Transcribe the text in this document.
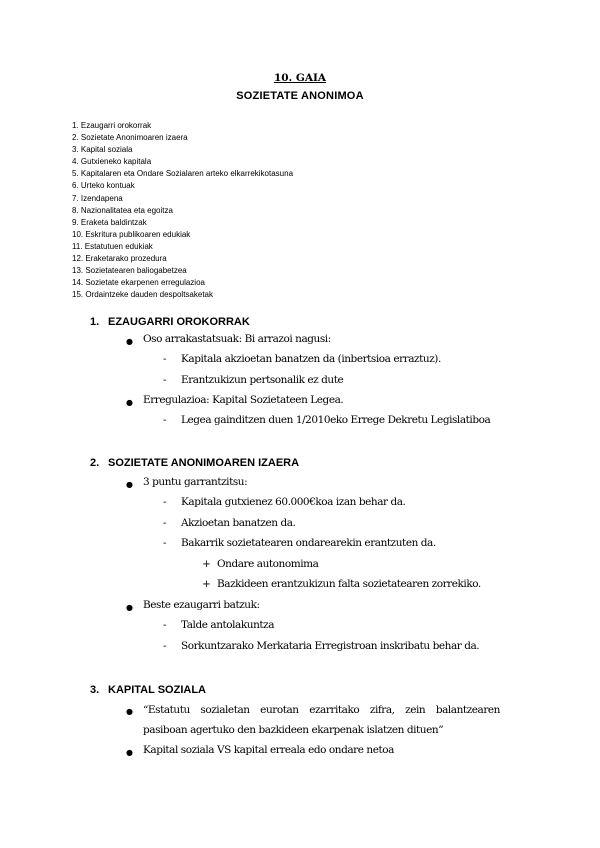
10. GAIA
SOZIETATE ANONIMOA
1. Ezaugarri orokorrak
2. Sozietate Anonimoaren izaera
3. Kapital soziala
4. Gutxieneko kapitala
5. Kapitalaren eta Ondare Sozialaren arteko elkarrekikotasuna
6. Urteko kontuak
7. Izendapena
8. Nazionalitatea eta egoitza
9. Eraketa baldintzak
10. Eskritura publikoaren edukiak
11. Estatutuen edukiak
12. Eraketarako prozedura
13. Sozietatearen baliogabetzea
14. Sozietate ekarpenen erregulazioa
15. Ordaintzeke dauden despoltsaketak
1. EZAUGARRI OROKORRAK
● Oso arrakastatsuak: Bi arrazoi nagusi:
- Kapitala akzioetan banatzen da (inbertsioa erraztuz).
- Erantzukizun pertsonalik ez dute
● Erregulazioa: Kapital Sozietateen Legea.
- Legea gainditzen duen 1/2010eko Errege Dekretu Legislatiboa
2. SOZIETATE ANONIMOAREN IZAERA
● 3 puntu garrantzitsu:
- Kapitala gutxienez 60.000€koa izan behar da.
- Akzioetan banatzen da.
- Bakarrik sozietatearen ondarearekin erantzuten da.
+ Ondare autonomima
+ Bazkideen erantzukizun falta sozietatearen zorrekiko.
● Beste ezaugarri batzuk:
- Talde antolakuntza
- Sorkuntzarako Merkataria Erregistroan inskribatu behar da.
3. KAPITAL SOZIALA
● “Estatutu sozialetan eurotan ezarritako zifra, zein balantzearen pasiboan agertuko den bazkideen ekarpenak islatzen dituen”
● Kapital soziala VS kapital erreala edo ondare netoa
